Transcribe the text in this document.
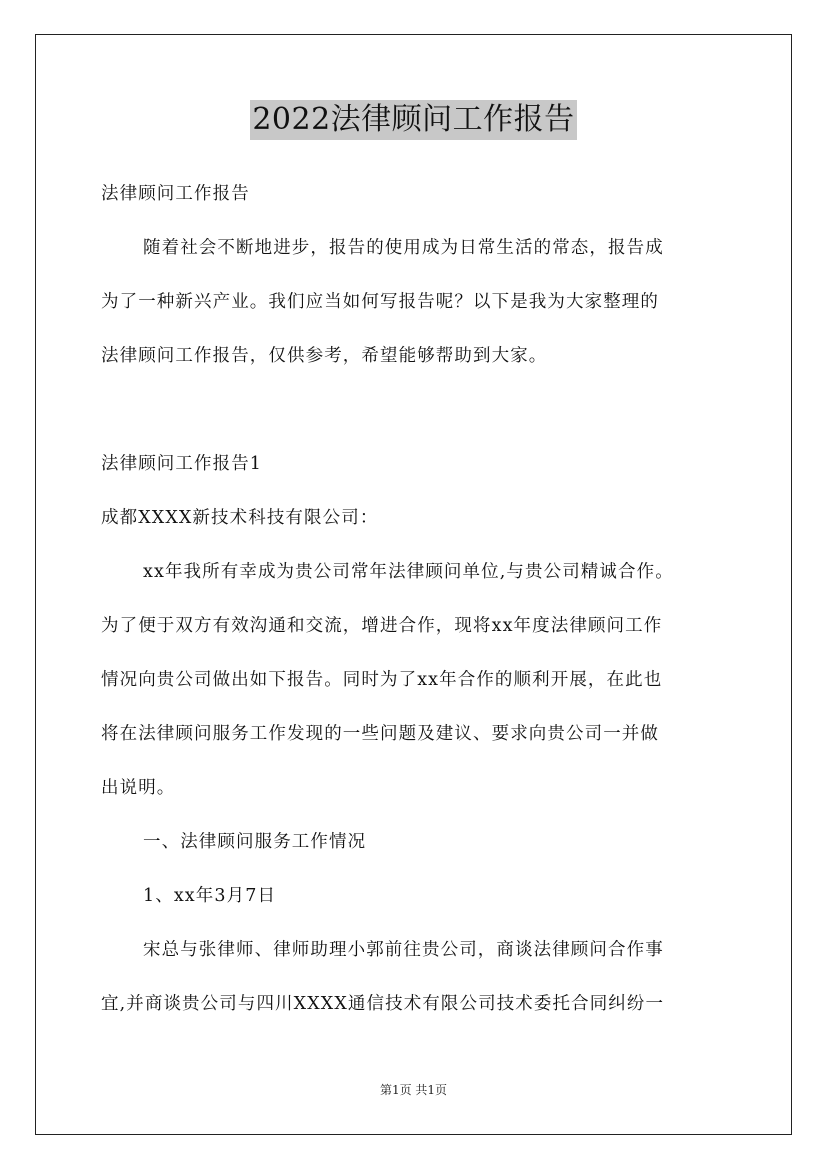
2022法律顾问工作报告
法律顾问工作报告
随着社会不断地进步，报告的使用成为日常生活的常态，报告成
为了一种新兴产业。我们应当如何写报告呢？以下是我为大家整理的
法律顾问工作报告，仅供参考，希望能够帮助到大家。
法律顾问工作报告1
成都XXXX新技术科技有限公司：
xx年我所有幸成为贵公司常年法律顾问单位,与贵公司精诚合作。
为了便于双方有效沟通和交流，增进合作，现将xx年度法律顾问工作
情况向贵公司做出如下报告。同时为了xx年合作的顺利开展，在此也
将在法律顾问服务工作发现的一些问题及建议、要求向贵公司一并做
出说明。
一、法律顾问服务工作情况
1、xx年3月7日
宋总与张律师、律师助理小郭前往贵公司，商谈法律顾问合作事
宜,并商谈贵公司与四川XXXX通信技术有限公司技术委托合同纠纷一
第1页 共1页
